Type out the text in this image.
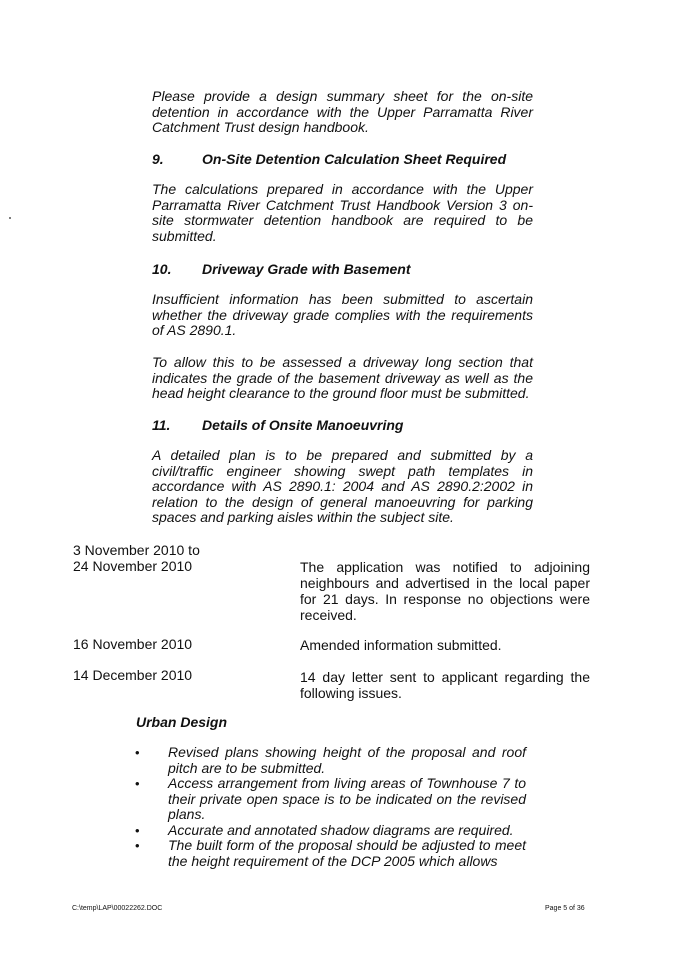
Please provide a design summary sheet for the on-site detention in accordance with the Upper Parramatta River Catchment Trust design handbook.
9.	On-Site Detention Calculation Sheet Required
The calculations prepared in accordance with the Upper Parramatta River Catchment Trust Handbook Version 3 on-site stormwater detention handbook are required to be submitted.
10. Driveway Grade with Basement
Insufficient information has been submitted to ascertain whether the driveway grade complies with the requirements of AS 2890.1.
To allow this to be assessed a driveway long section that indicates the grade of the basement driveway as well as the head height clearance to the ground floor must be submitted.
11. Details of Onsite Manoeuvring
A detailed plan is to be prepared and submitted by a civil/traffic engineer showing swept path templates in accordance with AS 2890.1: 2004 and AS 2890.2:2002 in relation to the design of general manoeuvring for parking spaces and parking aisles within the subject site.
3 November 2010 to
24 November 2010	The application was notified to adjoining neighbours and advertised in the local paper for 21 days. In response no objections were received.
16 November 2010	Amended information submitted.
14 December 2010	14 day letter sent to applicant regarding the following issues.
Urban Design
• Revised plans showing height of the proposal and roof pitch are to be submitted.
• Access arrangement from living areas of Townhouse 7 to their private open space is to be indicated on the revised plans.
• Accurate and annotated shadow diagrams are required.
• The built form of the proposal should be adjusted to meet the height requirement of the DCP 2005 which allows
C:\temp\LAP\00022262.DOC	Page 5 of 36
